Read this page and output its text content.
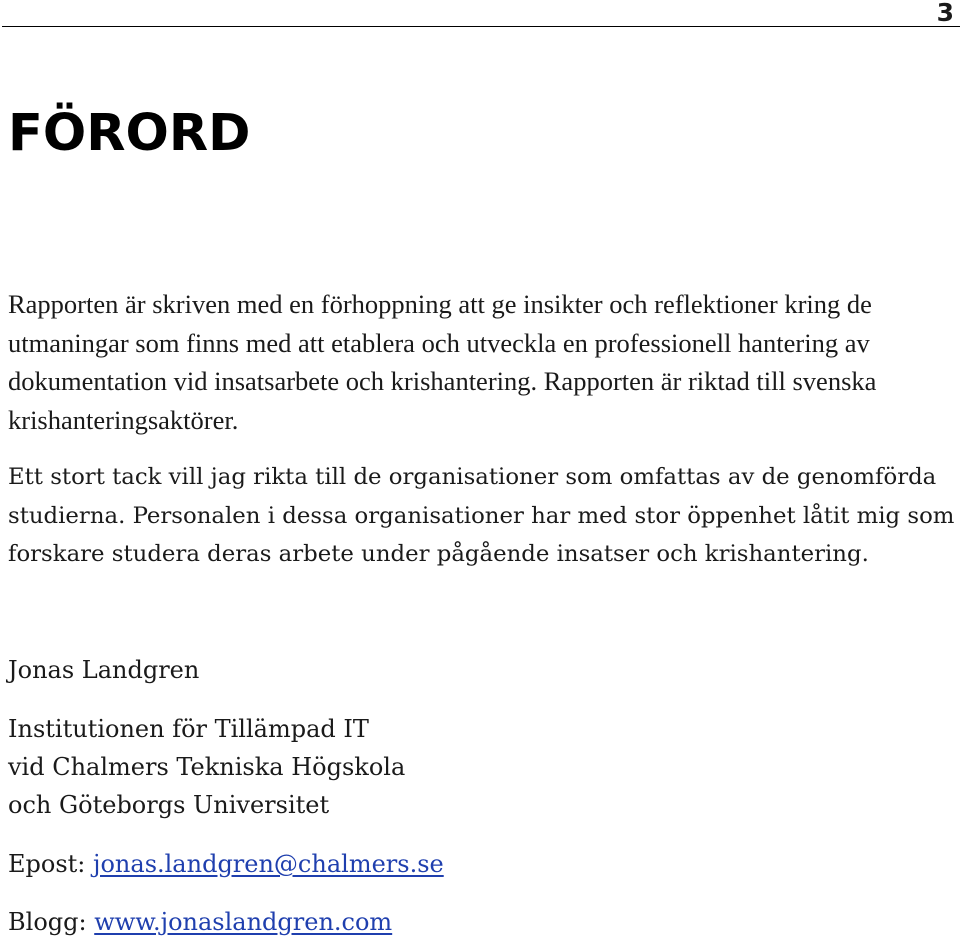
3
FÖRORD

Rapporten är skriven med en förhoppning att ge insikter och reflektioner kring de utmaningar som finns med att etablera och utveckla en professionell hantering av dokumentation vid insatsarbete och krishantering. Rapporten är riktad till svenska krishanteringsaktörer.

Ett stort tack vill jag rikta till de organisationer som omfattas av de genomförda studierna. Personalen i dessa organisationer har med stor öppenhet låtit mig som forskare studera deras arbete under pågående insatser och krishantering.

Jonas Landgren

Institutionen för Tillämpad IT

vid Chalmers Tekniska Högskola

och Göteborgs Universitet

Epost: jonas.landgren@chalmers.se

Blogg: www.jonaslandgren.com
